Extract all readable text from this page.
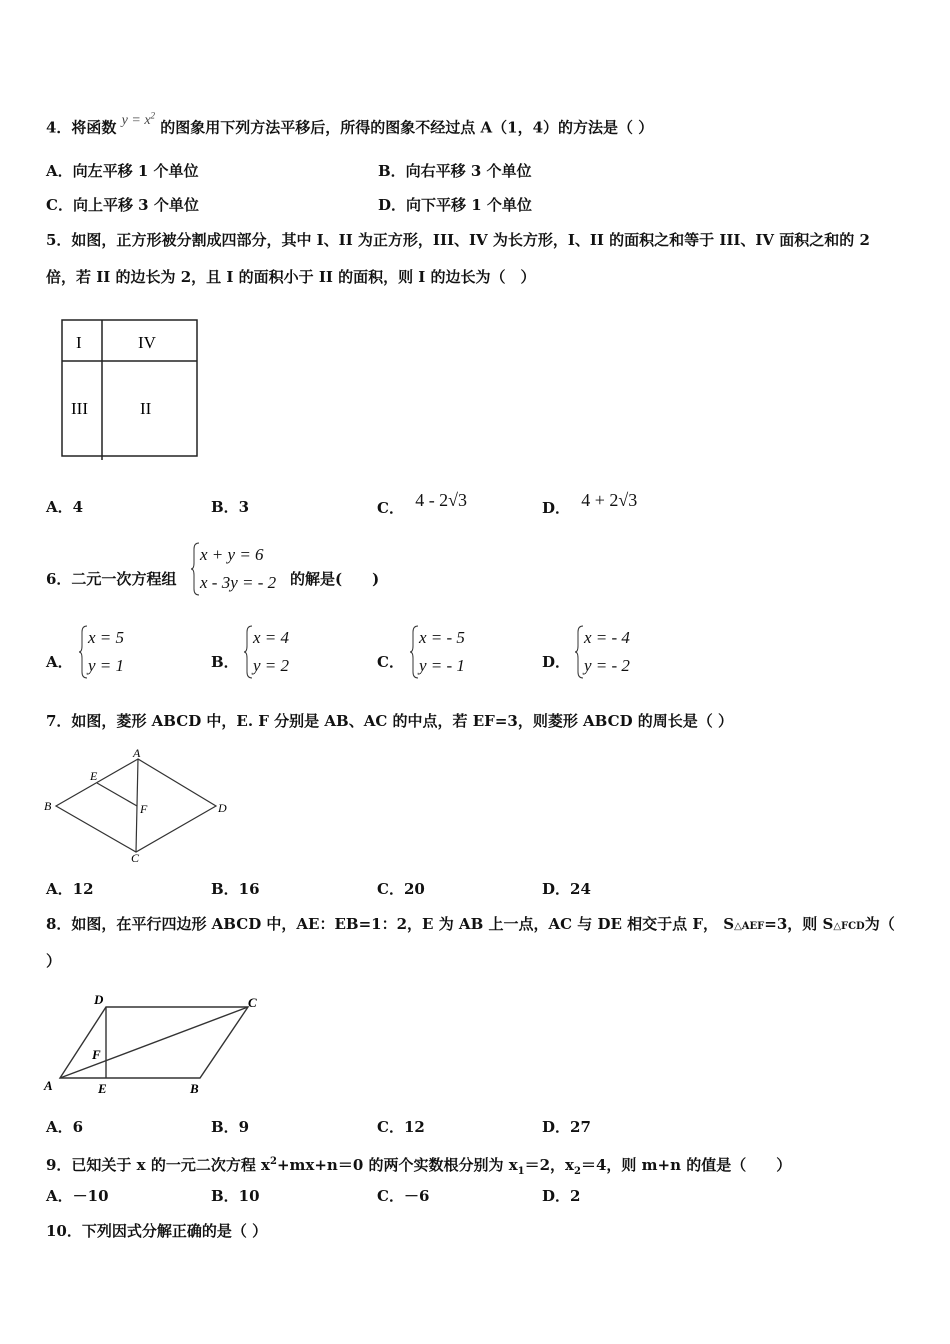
4．将函数 $y = x^2$ 的图象用下列方法平移后，所得的图象不经过点 A（1，4）的方法是（ ）
A．向左平移 1 个单位	B．向右平移 3 个单位
C．向上平移 3 个单位	D．向下平移 1 个单位
5．如图，正方形被分割成四部分，其中 I、II 为正方形，III、IV 为长方形，I、II 的面积之和等于 III、IV 面积之和的 2
倍，若 II 的边长为 2，且 I 的面积小于 II 的面积，则 I 的边长为（　）
I	IV
III	II
A．4	B．3	C． 4 - 2√3	D． 4 + 2√3
6．二元一次方程组
x + y = 6
x - 3y = - 2 的解是(　　)
A．
x = 5
y = 1	B．
x = 4
y = 2	C．
x = - 5
y = - 1	D．
x = - 4
y = - 2
7．如图，菱形 ABCD 中，E. F 分别是 AB、AC 的中点，若 EF=3，则菱形 ABCD 的周长是（ ）
A
B
C
D
E
F
A．12	B．16	C．20	D．24
8．如图，在平行四边形 ABCD 中，AE：EB=1：2，E 为 AB 上一点，AC 与 DE 相交于点 F， S△AEF=3，则 S△FCD为（
）
A	B
C
D
E
F
A．6	B．9	C．12	D．27
9．已知关于 x 的一元二次方程 $x^2+mx+n=0$ 的两个实数根分别为 $x_1=2$，$x_2=4$，则 m+n 的值是（　　）
A．－10	B．10	C．－6	D．2
10．下列因式分解正确的是（ ）
